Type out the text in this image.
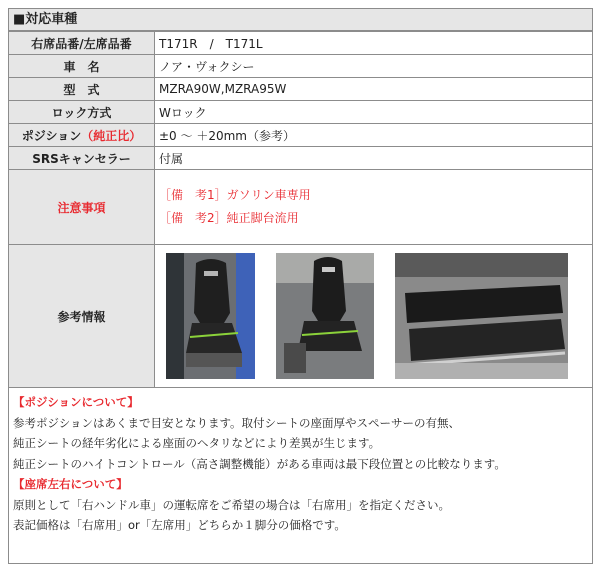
■対応車種
右席品番/左席品番	T171R　/　T171L
車　名	ノア・ヴォクシー
型　式	MZRA90W,MZRA95W
ロック方式	Wロック
ポジション（純正比）	±0 ～ ＋20mm（参考）
SRSキャンセラー	付属
注意事項	［備　考1］ガソリン車専用
［備　考2］純正脚台流用

参考情報	
【ポジションについて】
参考ポジションはあくまで目安となります。取付シートの座面厚やスペーサーの有無、
純正シートの経年劣化による座面のヘタリなどにより差異が生じます。
純正シートのハイトコントロール（高さ調整機能）がある車両は最下段位置との比較なります。
【座席左右について】
原則として「右ハンドル車」の運転席をご希望の場合は「右席用」を指定ください。
表記価格は「右席用」or「左席用」どちらか１脚分の価格です。
